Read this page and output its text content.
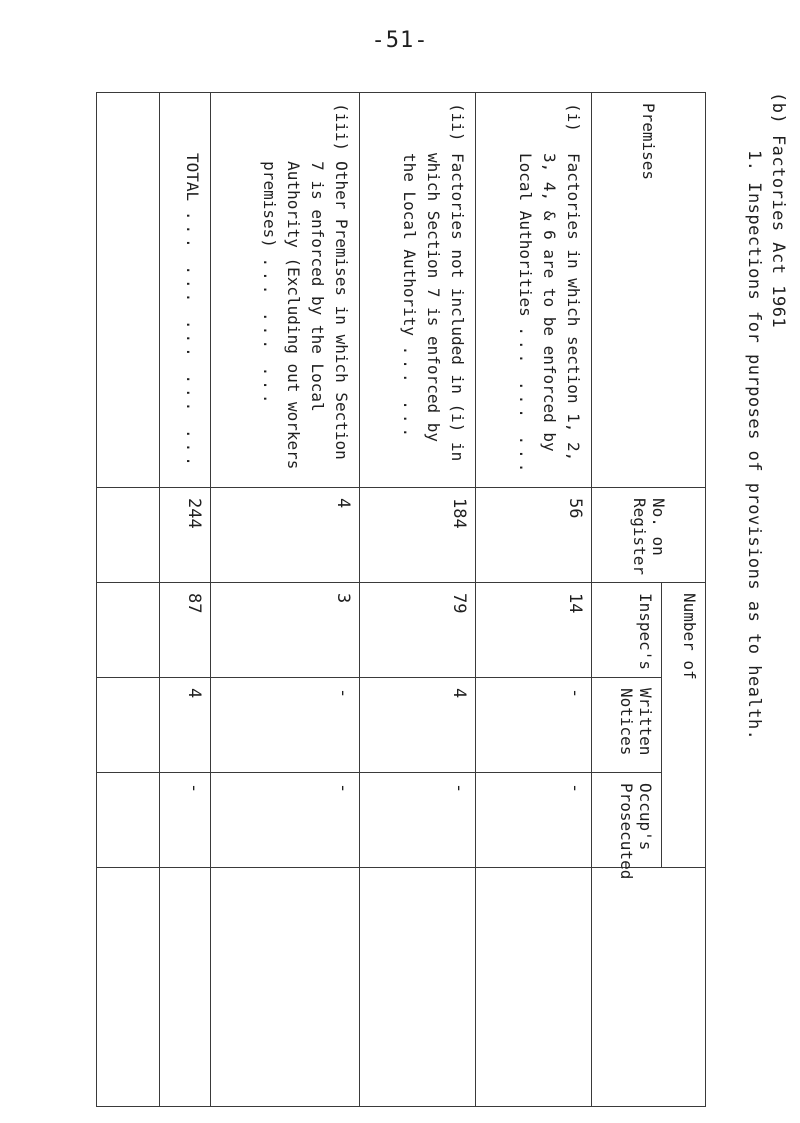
-51-
(b) Factories Act 1961
1. Inspections for purposes of provisions as to health.
Premises	No. on Register	Number of			
		Inspec's	Written Notices	Occup's Prosecuted	

(i)
Factories in which section 1, 2, 3, 4, & 6 are to be enforced by Local Authorities ... ... ...	56	14	-	-	

(ii)
Factories not included in (i) in which Section 7 is enforced by the Local Authority ... ...	184	79	4	-	

(iii)
Other Premises in which Section 7 is enforced by the Local Authority (Excluding out workers premises) ... ... ...	4	3	-	-	

TOTAL ... ... ... ... ...	244	87	4	-	
